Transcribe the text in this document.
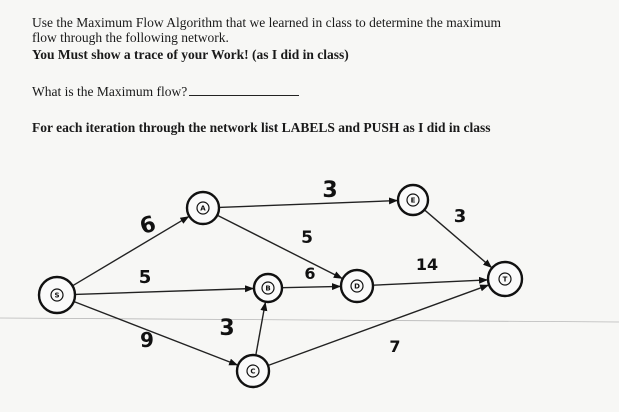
Use the Maximum Flow Algorithm that we learned in class to determine the maximum
flow through the following network.
You Must show a trace of your Work! (as I did in class)
What is the Maximum flow?
For each iteration through the network list LABELS and PUSH as I did in class
6
5
9
3
5
6
3
7
3
14
S
A
B
C
D
E
T
